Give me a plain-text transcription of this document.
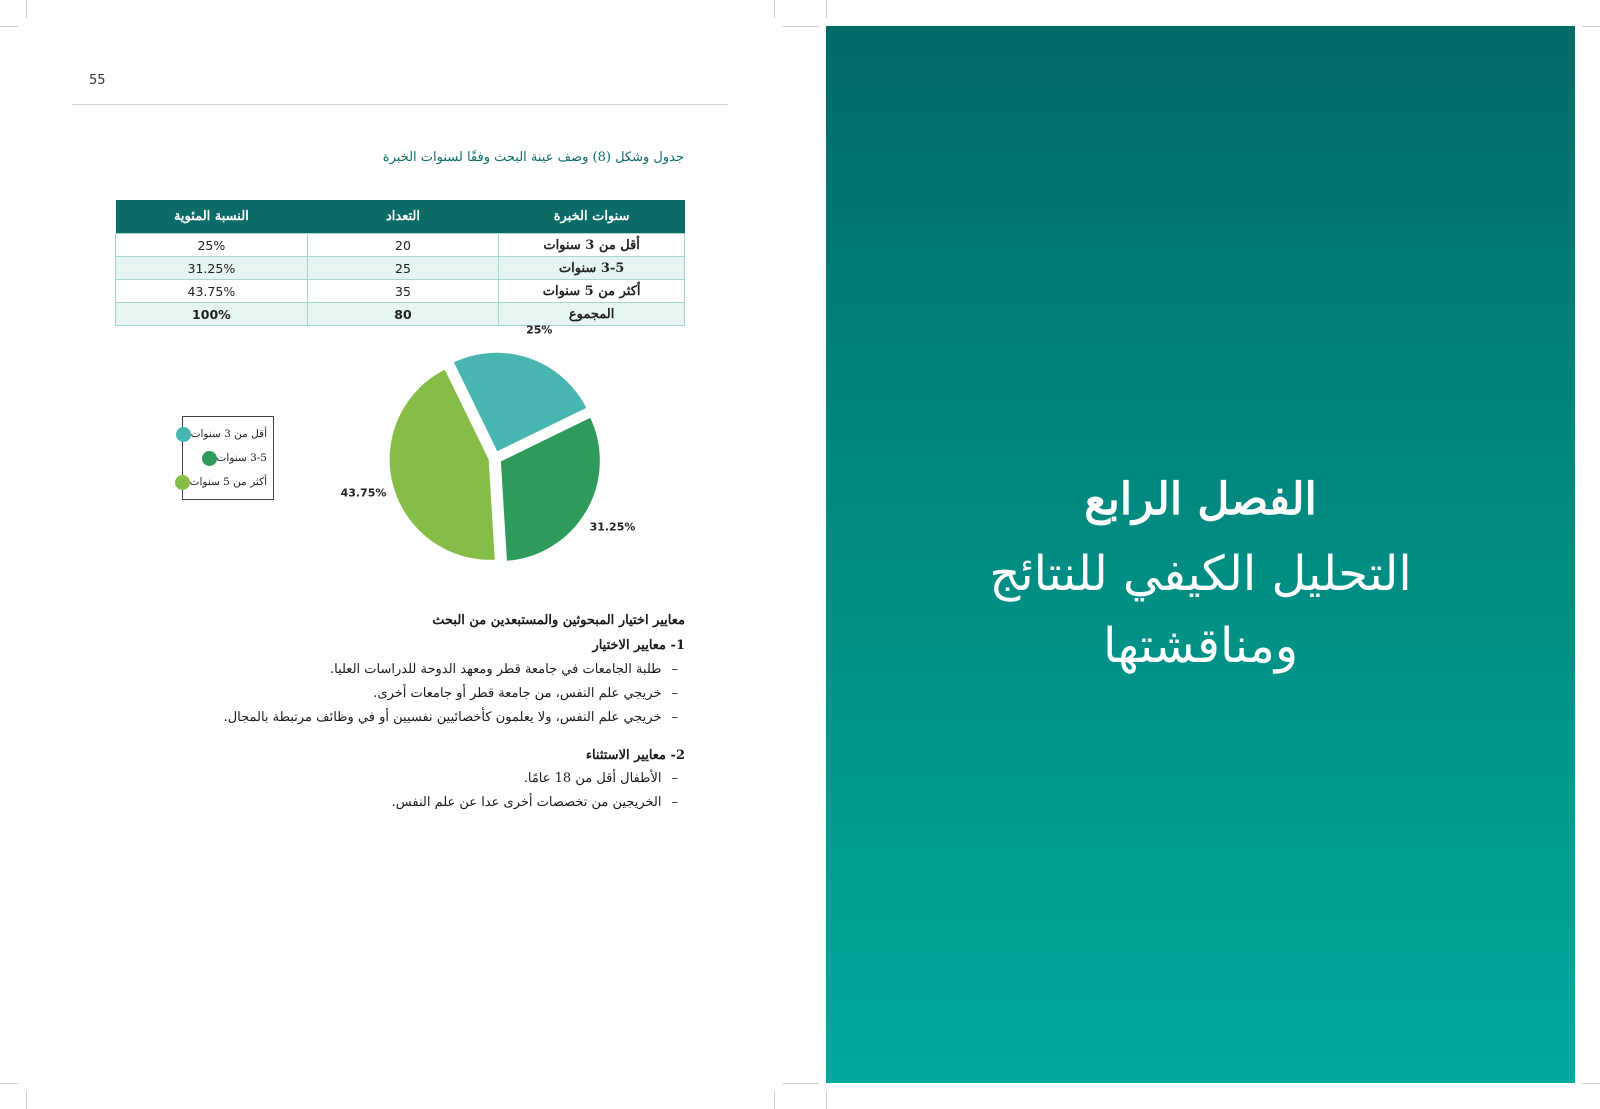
55
جدول وشكل (8) وصف عينة البحث وفقًا لسنوات الخبرة
سنوات الخبرة	التعداد	النسبة المئوية
أقل من 3 سنوات	20	25%
3-5 سنوات	25	31.25%
أكثر من 5 سنوات	35	43.75%
المجموع	80	100%
25%
31.25%
43.75%
أقل من 3 سنوات
3-5 سنوات
أكثر من 5 سنوات
معايير اختيار المبحوثين والمستبعدين من البحث
1- معايير الاختيار
– طلبة الجامعات في جامعة قطر ومعهد الدوحة للدراسات العليا.
– خريجي علم النفس، من جامعة قطر أو جامعات أخرى.
– خريجي علم النفس، ولا يعلمون كأخصائيين نفسيين أو في وظائف مرتبطة بالمجال.
2- معايير الاستثناء
– الأطفال أقل من 18 عامًا.
– الخريجين من تخصصات أخرى عدا عن علم النفس.
الفصل الرابع
التحليل الكيفي للنتائج
ومناقشتها
